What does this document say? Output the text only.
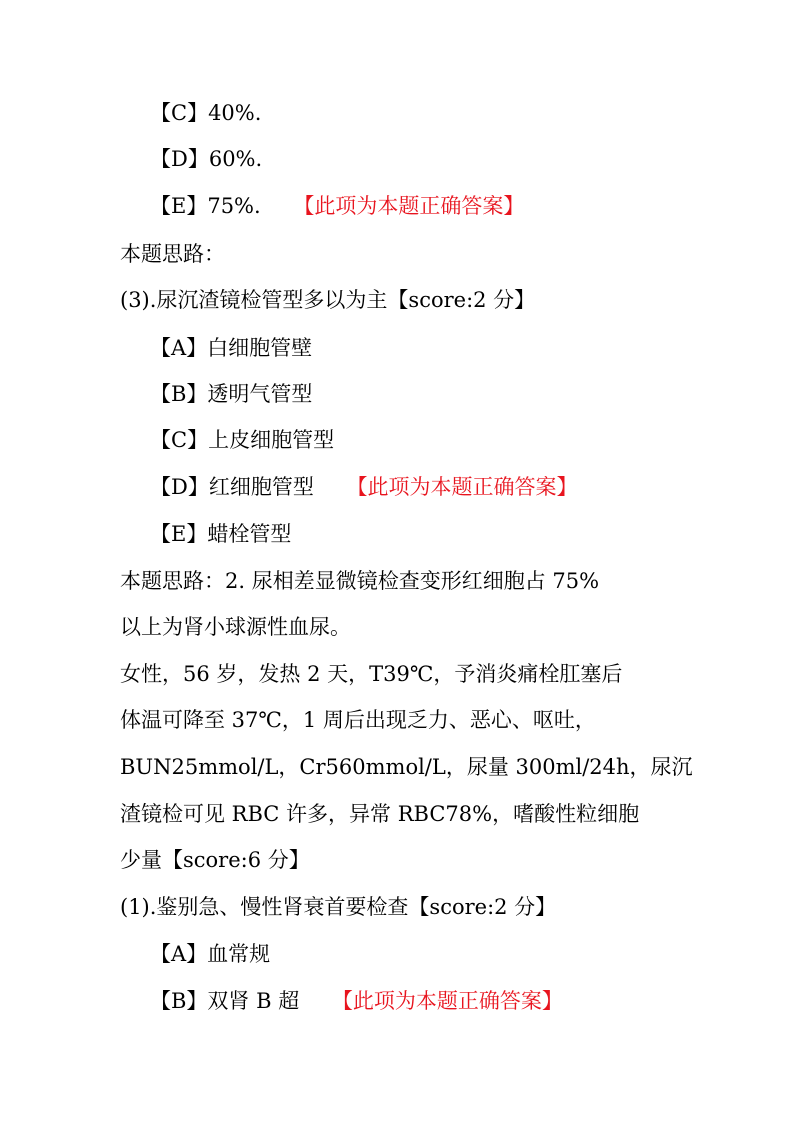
【C】40%.
【D】60%.
【E】75%. 【此项为本题正确答案】
本题思路：
(3).尿沉渣镜检管型多以为主【score:2 分】
【A】白细胞管壁
【B】透明气管型
【C】上皮细胞管型
【D】红细胞管型 【此项为本题正确答案】
【E】蜡栓管型
本题思路：2. 尿相差显微镜检查变形红细胞占 75%
以上为肾小球源性血尿。
女性，56 岁，发热 2 天，T39℃，予消炎痛栓肛塞后
体温可降至 37℃，1 周后出现乏力、恶心、呕吐，
BUN25mmol/L，Cr560mmol/L，尿量 300ml/24h，尿沉
渣镜检可见 RBC 许多，异常 RBC78%，嗜酸性粒细胞
少量【score:6 分】
(1).鉴别急、慢性肾衰首要检查【score:2 分】
【A】血常规
【B】双肾 B 超 【此项为本题正确答案】
